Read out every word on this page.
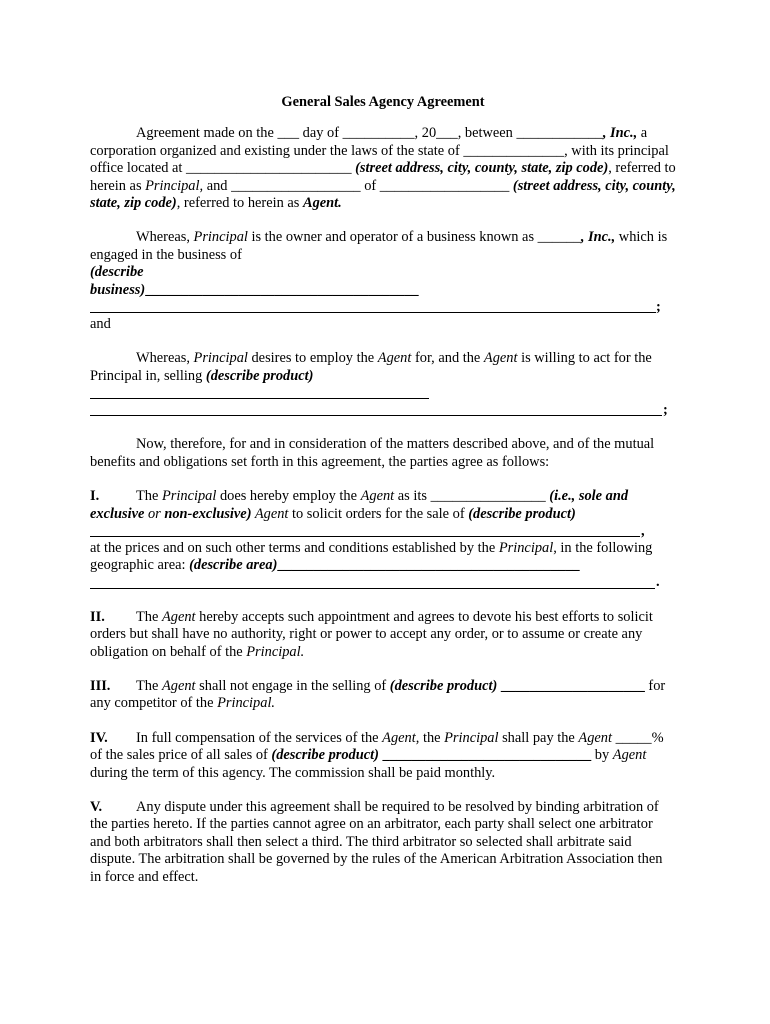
General Sales Agency Agreement

Agreement made on the ___ day of __________, 20___, between ____________, Inc., a corporation organized and existing under the laws of the state of ______________, with its principal office located at _______________________ (street address, city, county, state, zip code), referred to herein as Principal, and __________________ of __________________ (street address, city, county, state, zip code), referred to herein as Agent.

Whereas, Principal is the owner and operator of a business known as ______, Inc., which is engaged in the business of

(describe business)______________________________________

;

and

Whereas, Principal desires to employ the Agent for, and the Agent is willing to act for the Principal in, selling (describe product)

;

Now, therefore, for and in consideration of the matters described above, and of the mutual benefits and obligations set forth in this agreement, the parties agree as follows:

I.	The Principal does hereby employ the Agent as its ________________ (i.e., sole and exclusive or non-exclusive) Agent to solicit orders for the sale of (describe product)

,

at the prices and on such other terms and conditions established by the Principal, in the following geographic area: (describe area)__________________________________________

.

II. The Agent hereby accepts such appointment and agrees to devote his best efforts to solicit orders but shall have no authority, right or power to accept any order, or to assume or create any obligation on behalf of the Principal.

III. The Agent shall not engage in the selling of (describe product) ____________________ for any competitor of the Principal.

IV. In full compensation of the services of the Agent, the Principal shall pay the Agent _____% of the sales price of all sales of (describe product) _____________________________ by Agent during the term of this agency. The commission shall be paid monthly.

V. Any dispute under this agreement shall be required to be resolved by binding arbitration of the parties hereto. If the parties cannot agree on an arbitrator, each party shall select one arbitrator and both arbitrators shall then select a third. The third arbitrator so selected shall arbitrate said dispute. The arbitration shall be governed by the rules of the American Arbitration Association then in force and effect.
